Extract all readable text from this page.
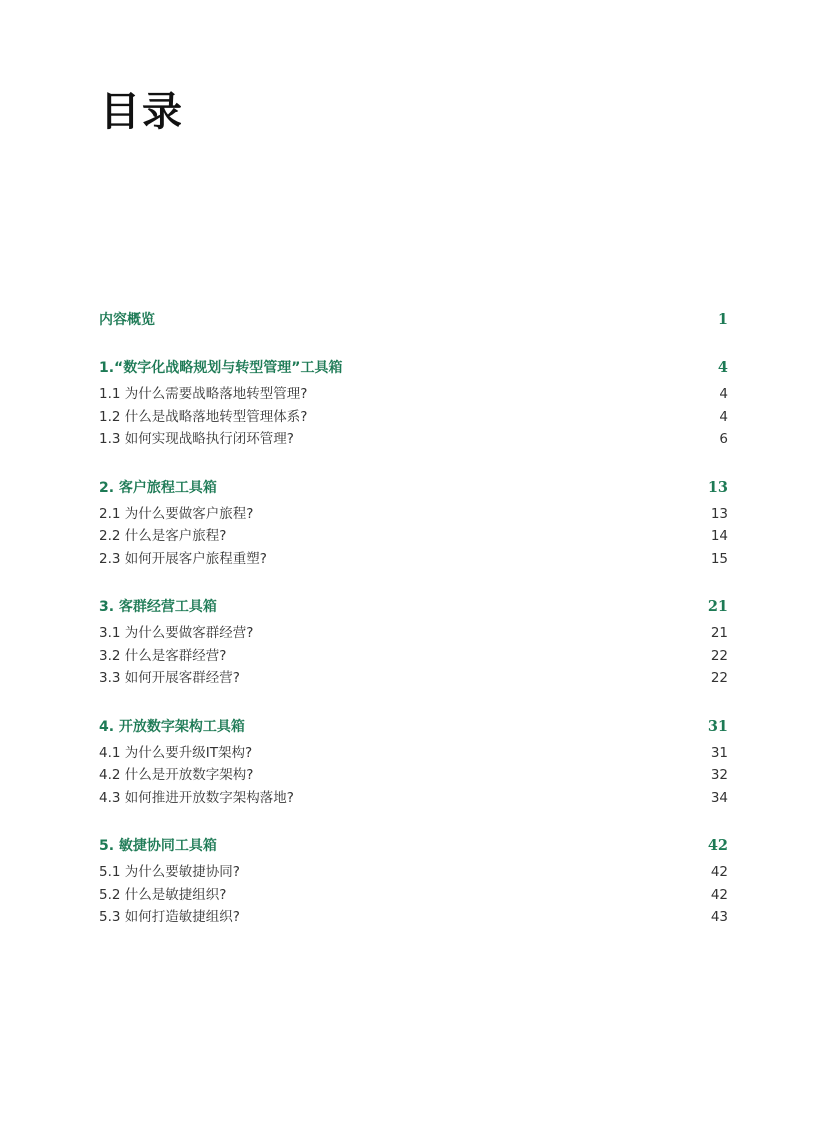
目录
内容概览	1
1.“数字化战略规划与转型管理”工具箱	4
1.1 为什么需要战略落地转型管理?	4
1.2 什么是战略落地转型管理体系?	4
1.3 如何实现战略执行闭环管理?	6
2. 客户旅程工具箱	13
2.1 为什么要做客户旅程?	13
2.2 什么是客户旅程?	14
2.3 如何开展客户旅程重塑?	15
3. 客群经营工具箱	21
3.1 为什么要做客群经营?	21
3.2 什么是客群经营?	22
3.3 如何开展客群经营?	22
4. 开放数字架构工具箱	31
4.1 为什么要升级IT架构?	31
4.2 什么是开放数字架构?	32
4.3 如何推进开放数字架构落地?	34
5. 敏捷协同工具箱	42
5.1 为什么要敏捷协同?	42
5.2 什么是敏捷组织?	42
5.3 如何打造敏捷组织?	43
